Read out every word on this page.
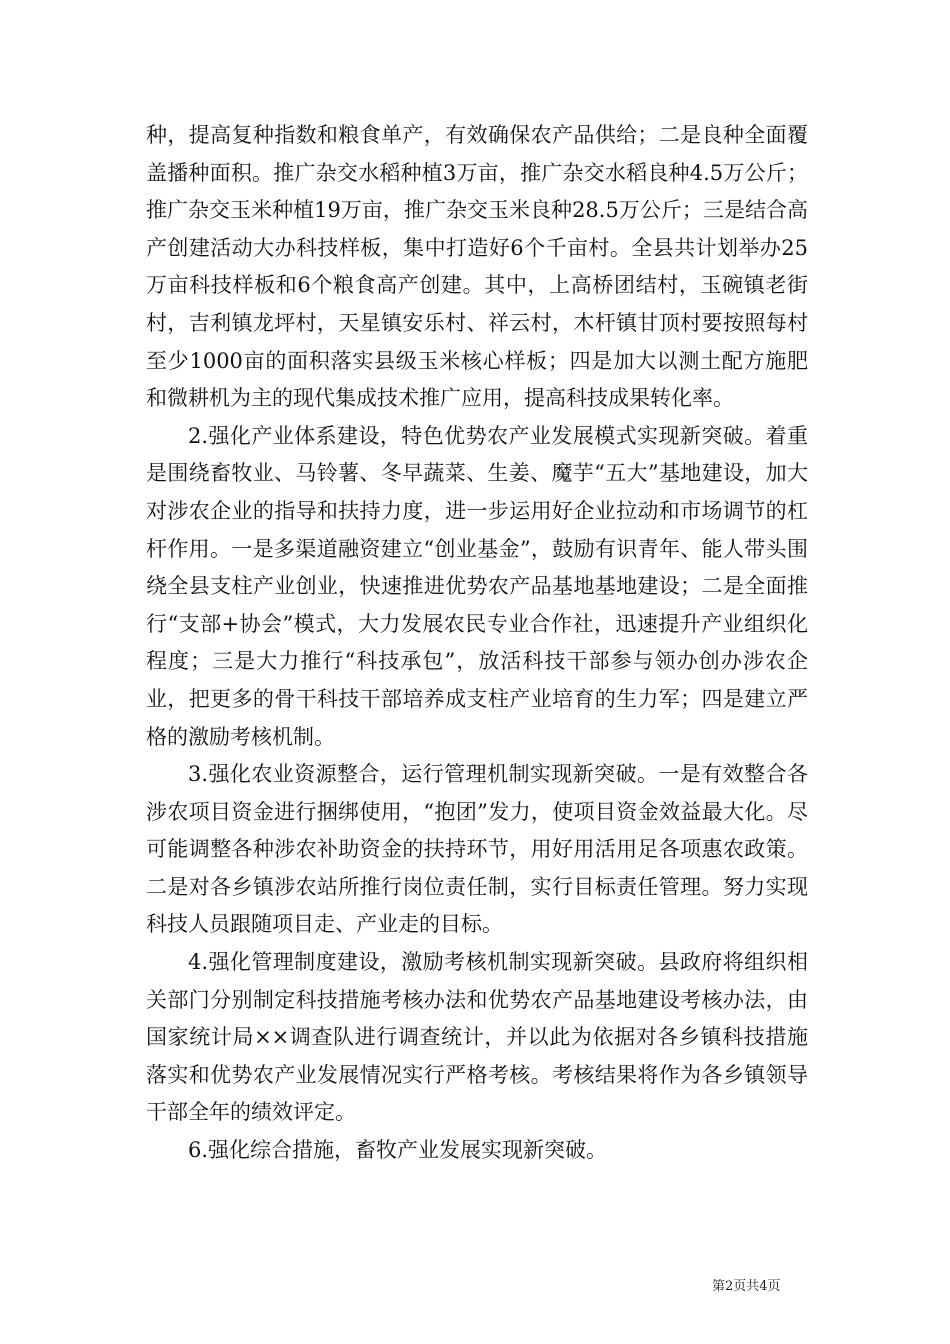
种，提高复种指数和粮食单产，有效确保农产品供给；二是良种全面覆盖播种面积。推广杂交水稻种植3万亩，推广杂交水稻良种4.5万公斤；推广杂交玉米种植19万亩，推广杂交玉米良种28.5万公斤；三是结合高产创建活动大办科技样板，集中打造好6个千亩村。全县共计划举办25万亩科技样板和6个粮食高产创建。其中，上高桥团结村，玉碗镇老街村，吉利镇龙坪村，天星镇安乐村、祥云村，木杆镇甘顶村要按照每村至少1000亩的面积落实县级玉米核心样板；四是加大以测土配方施肥和微耕机为主的现代集成技术推广应用，提高科技成果转化率。

2.强化产业体系建设，特色优势农产业发展模式实现新突破。着重是围绕畜牧业、马铃薯、冬早蔬菜、生姜、魔芋“五大”基地建设，加大对涉农企业的指导和扶持力度，进一步运用好企业拉动和市场调节的杠杆作用。一是多渠道融资建立“创业基金”，鼓励有识青年、能人带头围绕全县支柱产业创业，快速推进优势农产品基地基地建设；二是全面推行“支部+协会”模式，大力发展农民专业合作社，迅速提升产业组织化程度；三是大力推行“科技承包”，放活科技干部参与领办创办涉农企业，把更多的骨干科技干部培养成支柱产业培育的生力军；四是建立严格的激励考核机制。

3.强化农业资源整合，运行管理机制实现新突破。一是有效整合各涉农项目资金进行捆绑使用，“抱团”发力，使项目资金效益最大化。尽可能调整各种涉农补助资金的扶持环节，用好用活用足各项惠农政策。二是对各乡镇涉农站所推行岗位责任制，实行目标责任管理。努力实现科技人员跟随项目走、产业走的目标。

4.强化管理制度建设，激励考核机制实现新突破。县政府将组织相关部门分别制定科技措施考核办法和优势农产品基地建设考核办法，由国家统计局××调查队进行调查统计，并以此为依据对各乡镇科技措施落实和优势农产业发展情况实行严格考核。考核结果将作为各乡镇领导干部全年的绩效评定。

6.强化综合措施，畜牧产业发展实现新突破。

第2页共4页
